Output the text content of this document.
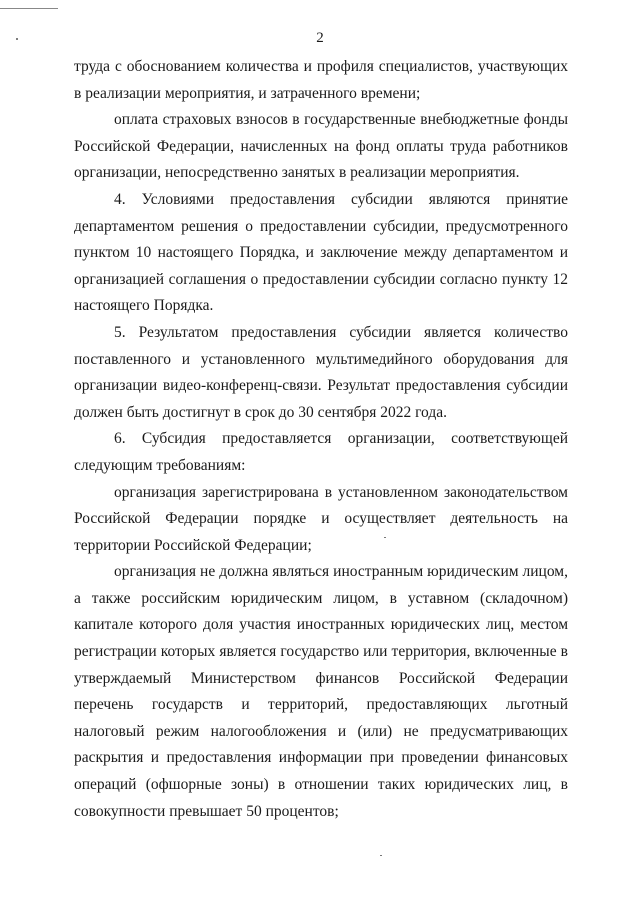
2

труда с обоснованием количества и профиля специалистов, участвующих в реализации мероприятия, и затраченного времени;

оплата страховых взносов в государственные внебюджетные фонды Российской Федерации, начисленных на фонд оплаты труда работников организации, непосредственно занятых в реализации мероприятия.

4. Условиями предоставления субсидии являются принятие департаментом решения о предоставлении субсидии, предусмотренного пунктом 10 настоящего Порядка, и заключение между департаментом и организацией соглашения о предоставлении субсидии согласно пункту 12 настоящего Порядка.

5. Результатом предоставления субсидии является количество поставленного и установленного мультимедийного оборудования для организации видео-конференц-связи. Результат предоставления субсидии должен быть достигнут в срок до 30 сентября 2022 года.

6. Субсидия предоставляется организации, соответствующей следующим требованиям:

организация зарегистрирована в установленном законодательством Российской Федерации порядке и осуществляет деятельность на территории Российской Федерации;

организация не должна являться иностранным юридическим лицом, а также российским юридическим лицом, в уставном (складочном) капитале которого доля участия иностранных юридических лиц, местом регистрации которых является государство или территория, включенные в утверждаемый Министерством финансов Российской Федерации перечень государств и территорий, предоставляющих льготный налоговый режим налогообложения и (или) не предусматривающих раскрытия и предоставления информации при проведении финансовых операций (офшорные зоны) в отношении таких юридических лиц, в совокупности превышает 50 процентов;
